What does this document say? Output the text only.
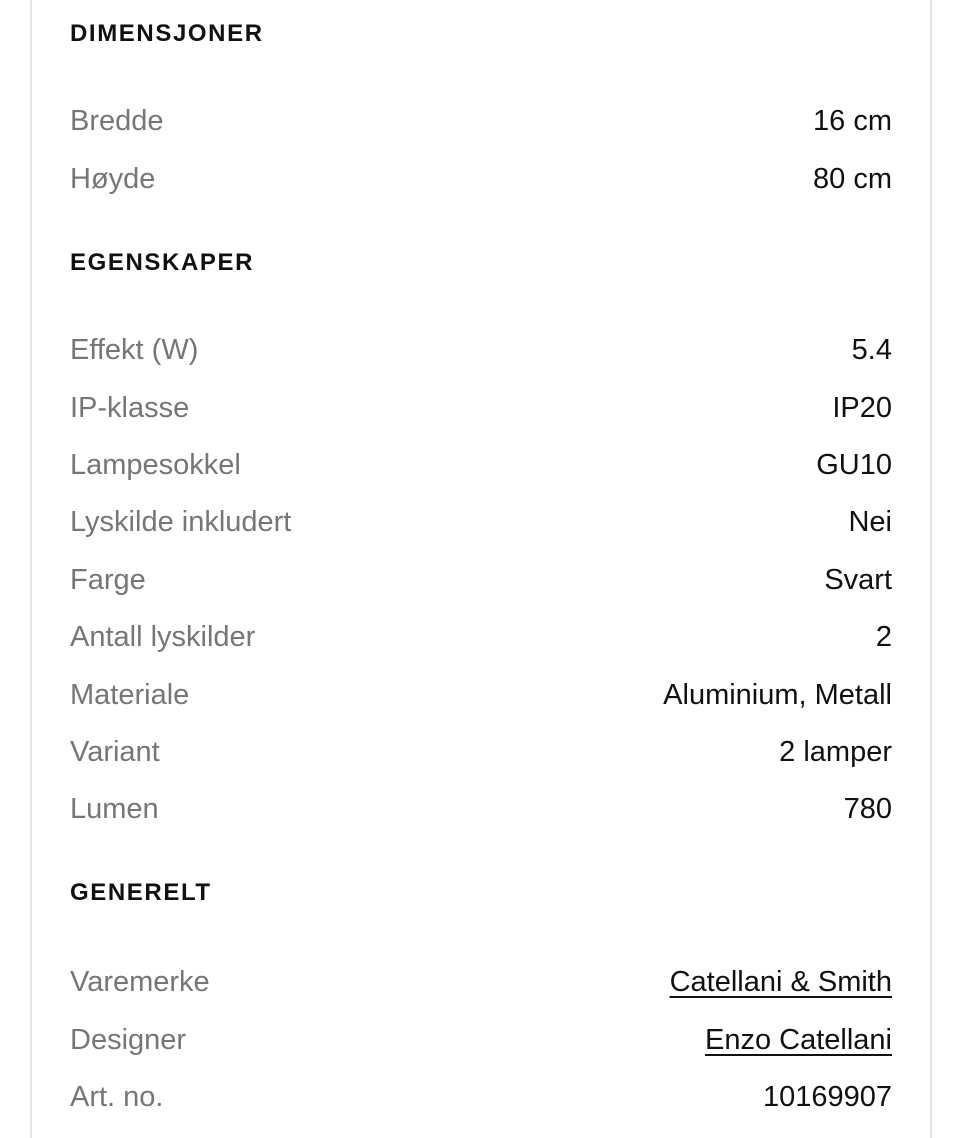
DIMENSJONER
Bredde	16 cm
Høyde	80 cm
EGENSKAPER
Effekt (W)	5.4
IP-klasse	IP20
Lampesokkel	GU10
Lyskilde inkludert	Nei
Farge	Svart
Antall lyskilder	2
Materiale	Aluminium, Metall
Variant	2 lamper
Lumen	780
GENERELT
Varemerke	Catellani & Smith
Designer	Enzo Catellani
Art. no.	10169907
